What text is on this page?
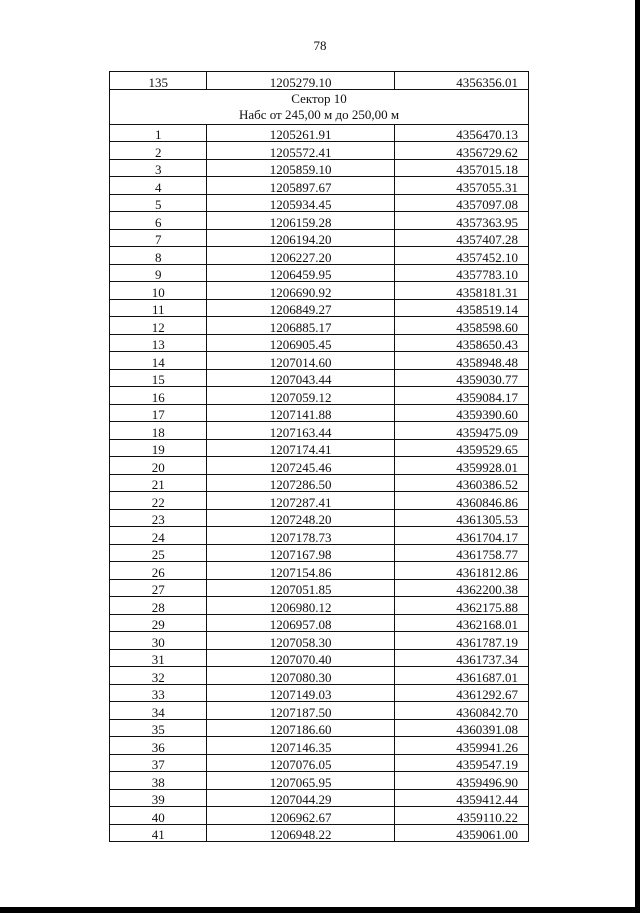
78
135	1205279.10	4356356.01

Сектор 10
Набс от 245,00 м до 250,00 м		

1	1205261.91	4356470.13
2	1205572.41	4356729.62
3	1205859.10	4357015.18
4	1205897.67	4357055.31
5	1205934.45	4357097.08
6	1206159.28	4357363.95
7	1206194.20	4357407.28
8	1206227.20	4357452.10
9	1206459.95	4357783.10
10	1206690.92	4358181.31
11	1206849.27	4358519.14
12	1206885.17	4358598.60
13	1206905.45	4358650.43
14	1207014.60	4358948.48
15	1207043.44	4359030.77
16	1207059.12	4359084.17
17	1207141.88	4359390.60
18	1207163.44	4359475.09
19	1207174.41	4359529.65
20	1207245.46	4359928.01
21	1207286.50	4360386.52
22	1207287.41	4360846.86
23	1207248.20	4361305.53
24	1207178.73	4361704.17
25	1207167.98	4361758.77
26	1207154.86	4361812.86
27	1207051.85	4362200.38
28	1206980.12	4362175.88
29	1206957.08	4362168.01
30	1207058.30	4361787.19
31	1207070.40	4361737.34
32	1207080.30	4361687.01
33	1207149.03	4361292.67
34	1207187.50	4360842.70
35	1207186.60	4360391.08
36	1207146.35	4359941.26
37	1207076.05	4359547.19
38	1207065.95	4359496.90
39	1207044.29	4359412.44
40	1206962.67	4359110.22
41	1206948.22	4359061.00
